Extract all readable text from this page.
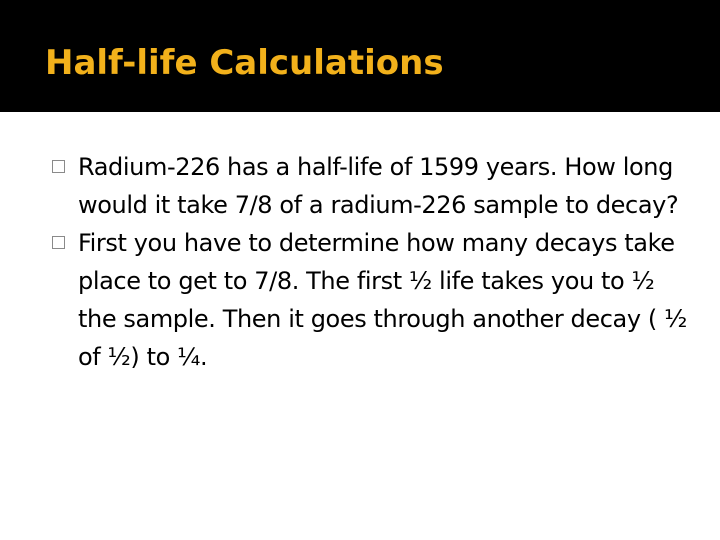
Half-life Calculations
Radium-226 has a half-life of 1599 years. How long would it take 7/8 of a radium-226 sample to decay?
First you have to determine how many decays take place to get to 7/8. The first ½ life takes you to ½ the sample. Then it goes through another decay ( ½ of ½) to ¼.
